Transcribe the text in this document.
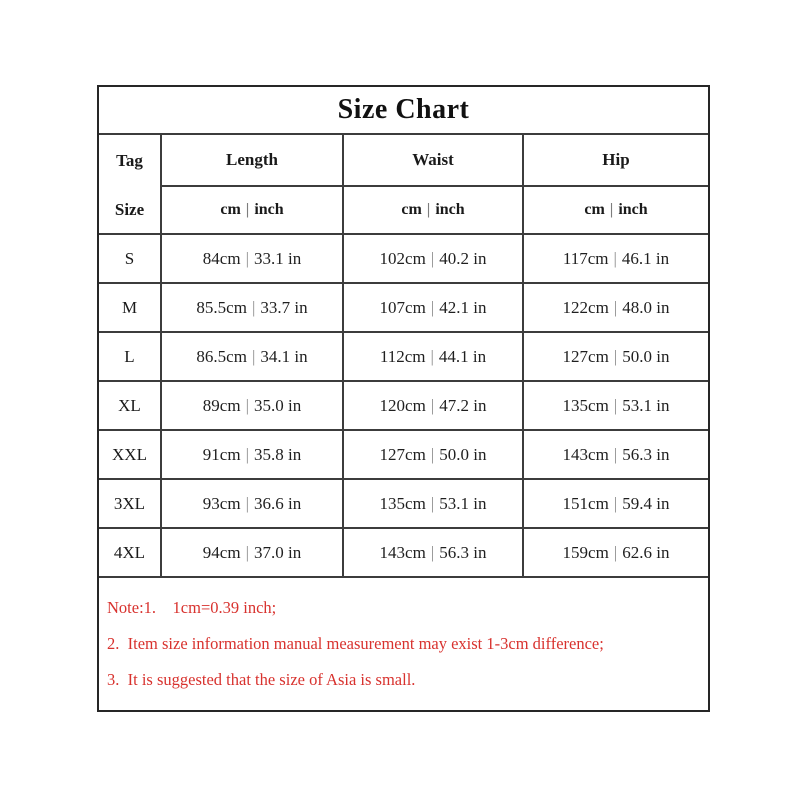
Size Chart
Tag
Size
Length	Waist	Hip
cm | inch	cm | inch	cm | inch
S	84cm | 33.1 in	102cm | 40.2 in	117cm | 46.1 in
M	85.5cm | 33.7 in	107cm | 42.1 in	122cm | 48.0 in
L	86.5cm | 34.1 in	112cm | 44.1 in	127cm | 50.0 in
XL	89cm | 35.0 in	120cm | 47.2 in	135cm | 53.1 in
XXL	91cm | 35.8 in	127cm | 50.0 in	143cm | 56.3 in
3XL	93cm | 36.6 in	135cm | 53.1 in	151cm | 59.4 in
4XL	94cm | 37.0 in	143cm | 56.3 in	159cm | 62.6 in
Note:1.    1cm=0.39 inch;
2.  Item size information manual measurement may exist 1-3cm difference;
3.  It is suggested that the size of Asia is small.
